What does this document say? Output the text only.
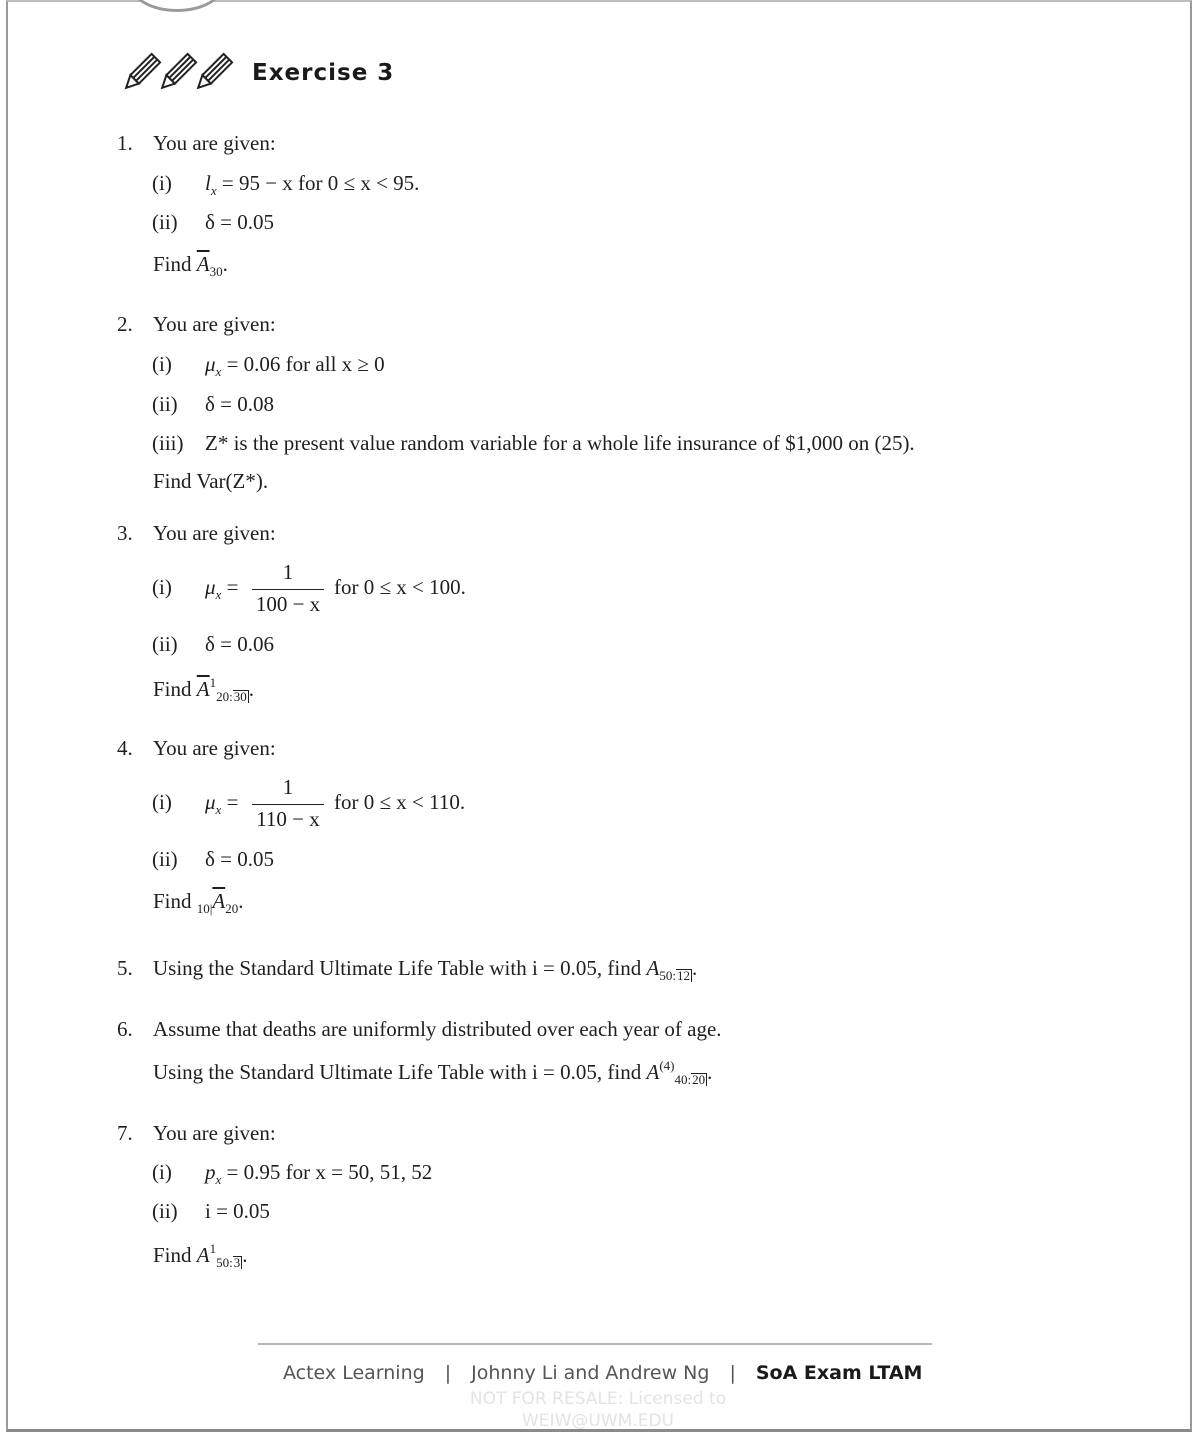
Exercise 3
1. You are given:
(i) $l_x = 95 - x$ for 0 ≤ x < 95.
(ii) δ = 0.05
Find $\overline{A}_{30}$.
2. You are given:
(i) $\mu_x = 0.06$ for all x ≥ 0
(ii) δ = 0.08
(iii) Z* is the present value random variable for a whole life insurance of $1,000 on (25).
Find Var(Z*).
3. You are given:
(i) $\mu_x = \frac{1}{100 - x}$ for 0 ≤ x < 100.
(ii) δ = 0.06
Find $\overline{A}^1_{20:30}$.
4. You are given:
(i) $\mu_x = \frac{1}{110 - x}$ for 0 ≤ x < 110.
(ii) δ = 0.05
Find $_{10|}\overline{A}_{20}$.
5. Using the Standard Ultimate Life Table with i = 0.05, find $A_{50:12}$.
6. Assume that deaths are uniformly distributed over each year of age.
Using the Standard Ultimate Life Table with i = 0.05, find $A^{(4)}_{40:20}$.
7. You are given:
(i) $p_x = 0.95$ for x = 50, 51, 52
(ii) i = 0.05
Find $A^1_{50:3}$.
Actex Learning | Johnny Li and Andrew Ng | SoA Exam LTAM
NOT FOR RESALE: Licensed to
WEIW@UWM.EDU
